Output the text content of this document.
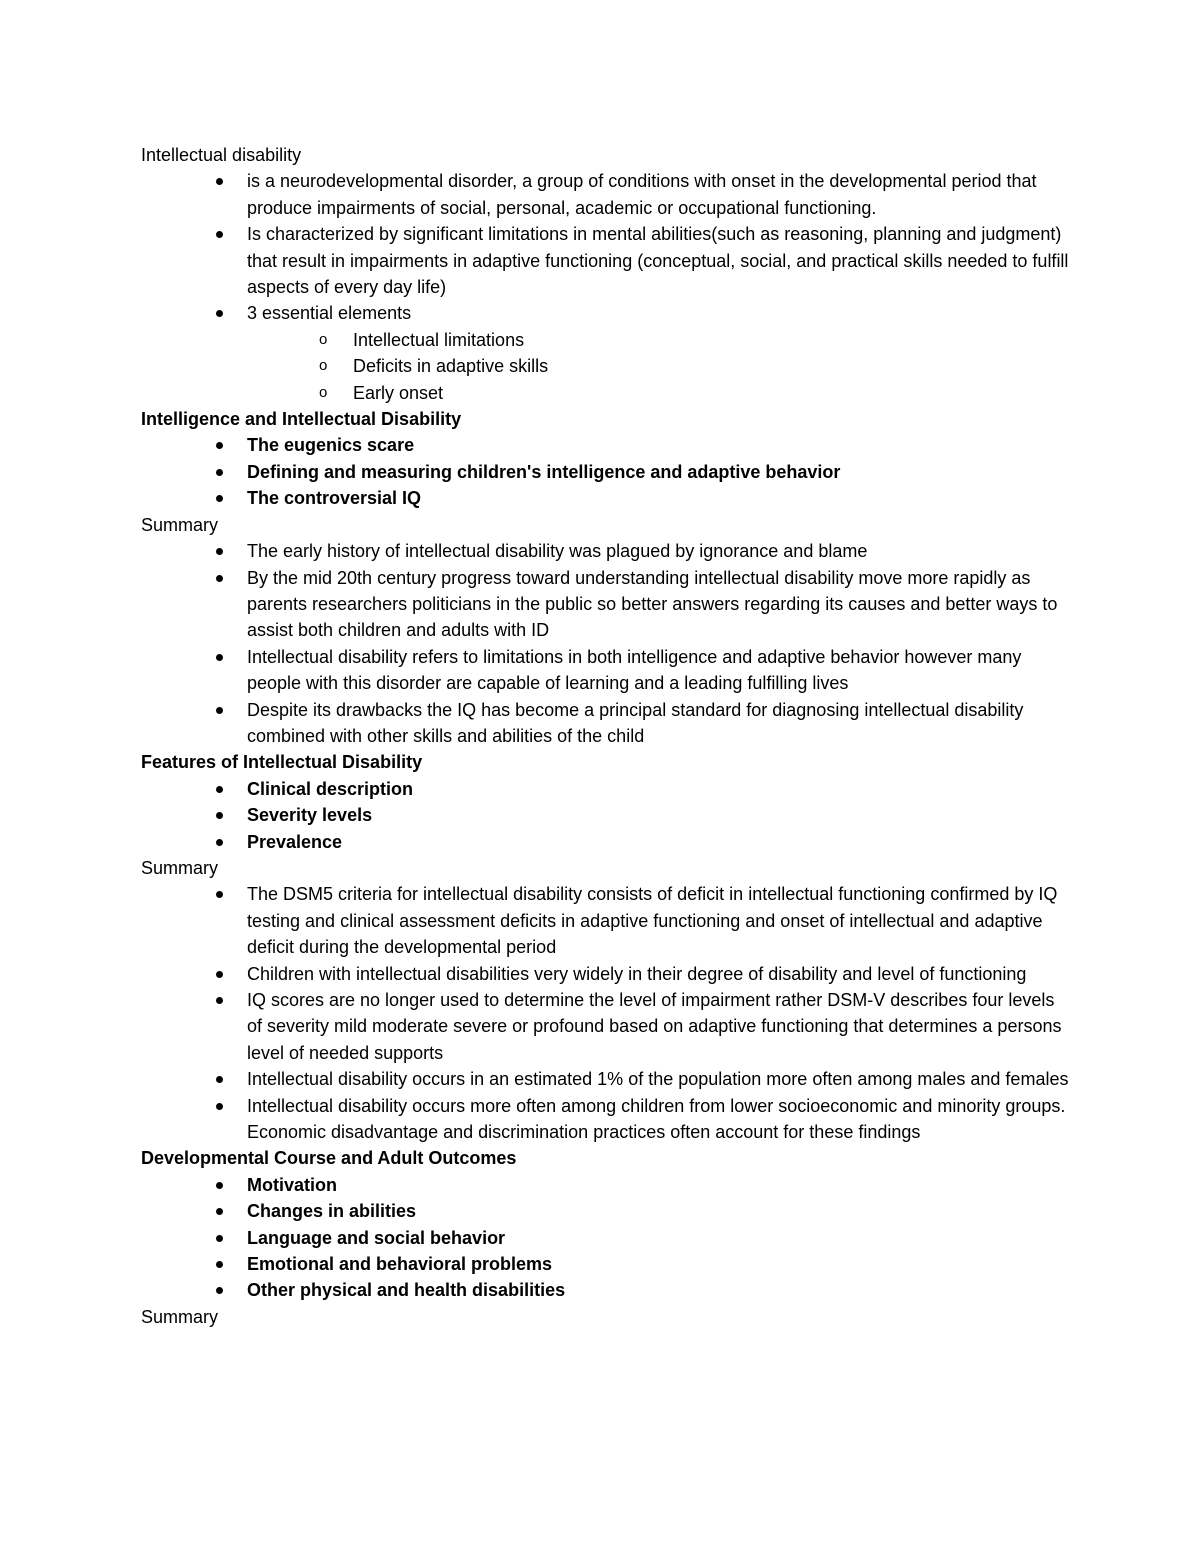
Intellectual disability

is a neurodevelopmental disorder, a group of conditions with onset in the developmental period that produce impairments of social, personal, academic or occupational functioning.
Is characterized by significant limitations in mental abilities(such as reasoning, planning and judgment) that result in impairments in adaptive functioning (conceptual, social, and practical skills needed to fulfill aspects of every day life)
3 essential elements
o Intellectual limitations
o Deficits in adaptive skills
o Early onset

Intelligence and Intellectual Disability

The eugenics scare
Defining and measuring children's intelligence and adaptive behavior
The controversial IQ

Summary

The early history of intellectual disability was plagued by ignorance and blame
By the mid 20th century progress toward understanding intellectual disability move more rapidly as parents researchers politicians in the public so better answers regarding its causes and better ways to assist both children and adults with ID
Intellectual disability refers to limitations in both intelligence and adaptive behavior however many people with this disorder are capable of learning and a leading fulfilling lives
Despite its drawbacks the IQ has become a principal standard for diagnosing intellectual disability combined with other skills and abilities of the child

Features of Intellectual Disability

Clinical description
Severity levels
Prevalence

Summary

The DSM5 criteria for intellectual disability consists of deficit in intellectual functioning confirmed by IQ testing and clinical assessment deficits in adaptive functioning and onset of intellectual and adaptive deficit during the developmental period
Children with intellectual disabilities very widely in their degree of disability and level of functioning
IQ scores are no longer used to determine the level of impairment rather DSM-V describes four levels of severity mild moderate severe or profound based on adaptive functioning that determines a persons level of needed supports
Intellectual disability occurs in an estimated 1% of the population more often among males and females
Intellectual disability occurs more often among children from lower socioeconomic and minority groups. Economic disadvantage and discrimination practices often account for these findings

Developmental Course and Adult Outcomes

Motivation
Changes in abilities
Language and social behavior
Emotional and behavioral problems
Other physical and health disabilities

Summary
